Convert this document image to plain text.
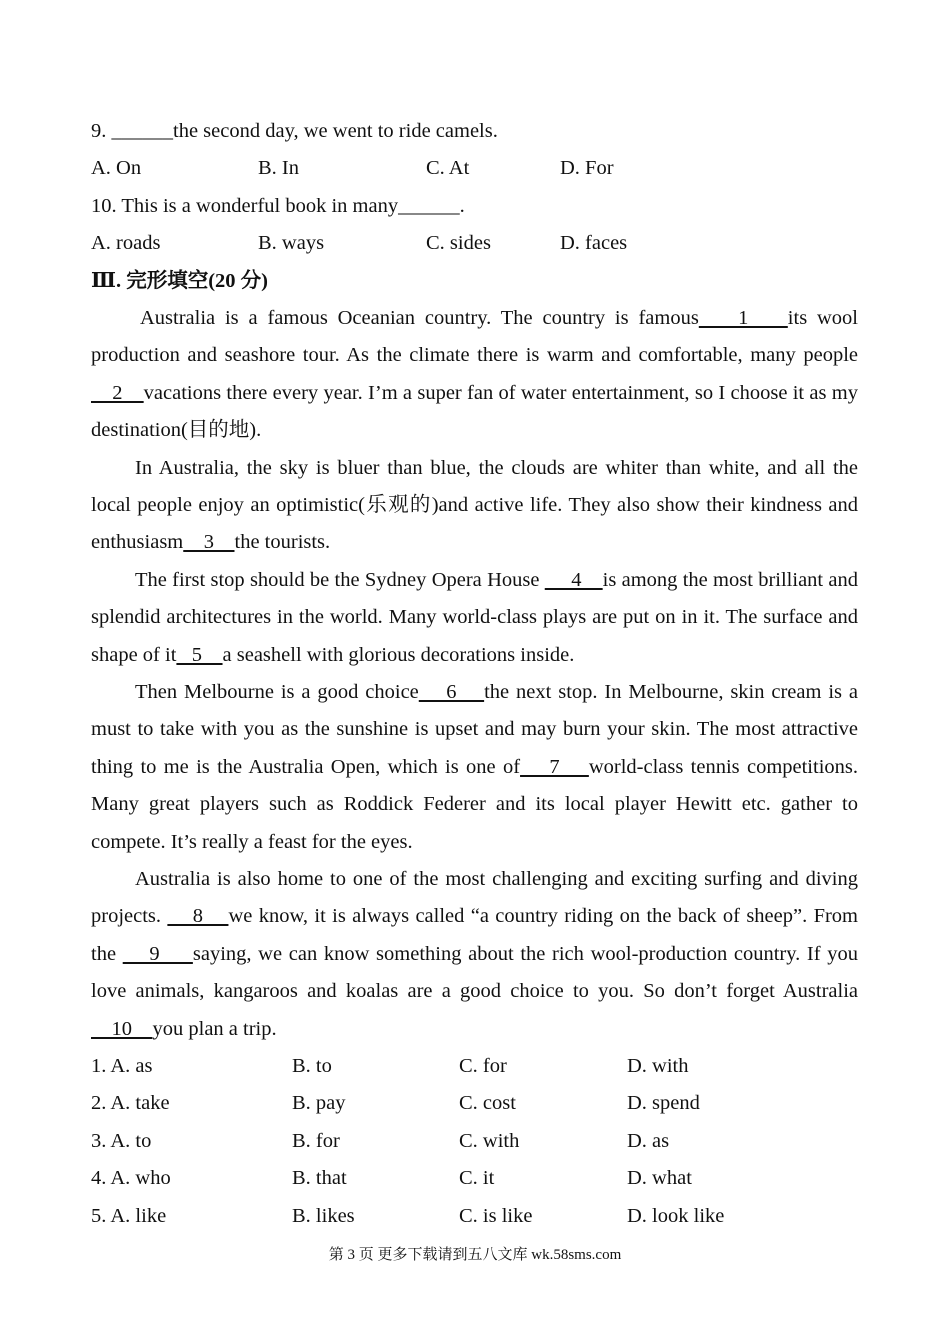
9. ______the second day, we went to ride camels.
A. On	B. In	C. At	D. For
10. This is a wonderful book in many______.
A. roads	B. ways	C. sides	D. faces
Ⅲ. 完形填空(20 分)

Australia is a famous Oceanian country. The country is famous    1    its wool production and seashore tour. As the climate there is warm and comfortable, many people    2    vacations there every year. I’m a super fan of water entertainment, so I choose it as my destination(目的地).

In Australia, the sky is bluer than blue, the clouds are whiter than white, and all the local people enjoy an optimistic(乐观的)and active life. They also show their kindness and enthusiasm    3    the tourists.

The first stop should be the Sydney Opera House      4    is among the most brilliant and splendid architectures in the world. Many world-class plays are put on in it. The surface and shape of it   5    a seashell with glorious decorations inside.

Then Melbourne is a good choice    6    the next stop. In Melbourne, skin cream is a must to take with you as the sunshine is upset and may burn your skin. The most attractive thing to me is the Australia Open, which is one of    7    world-class tennis competitions. Many great players such as Roddick Federer and its local player Hewitt etc. gather to compete. It’s really a feast for the eyes.

Australia is also home to one of the most challenging and exciting surfing and diving projects.     8    we know, it is always called “a country riding on the back of sheep”. From the     9     saying, we can know something about the rich wool-production country. If you love animals, kangaroos and koalas are a good choice to you. So don’t forget Australia    10    you plan a trip.

1. A. as	B. to	C. for	D. with
2. A. take	B. pay	C. cost	D. spend
3. A. to	B. for	C. with	D. as
4. A. who	B. that	C. it	D. what
5. A. like	B. likes	C. is like	D. look like
第 3 页 更多下载请到五八文库 wk.58sms.com
